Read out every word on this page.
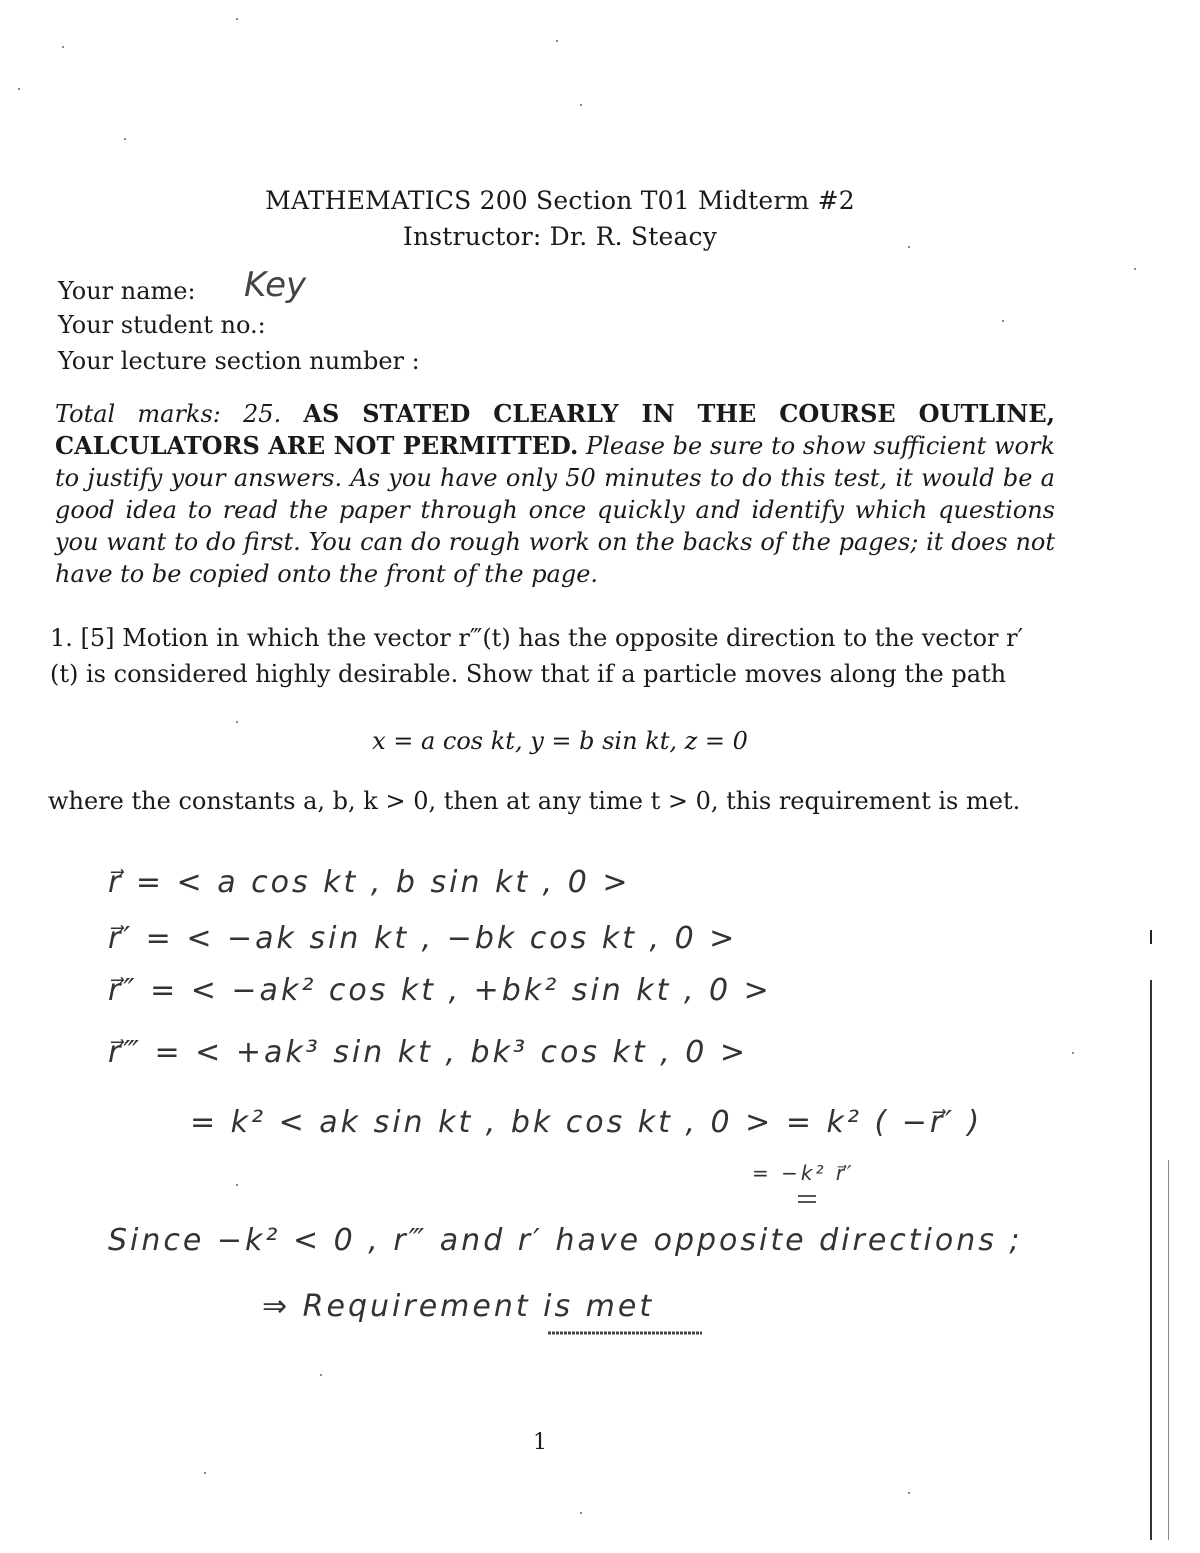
MATHEMATICS 200 Section T01 Midterm #2
Instructor: Dr. R. Steacy
Your name: Key
Your student no.:
Your lecture section number :
Total marks: 25. AS STATED CLEARLY IN THE COURSE OUTLINE, CALCULATORS ARE NOT PERMITTED. Please be sure to show sufficient work to justify your answers. As you have only 50 minutes to do this test, it would be a good idea to read the paper through once quickly and identify which questions you want to do first. You can do rough work on the backs of the pages; it does not have to be copied onto the front of the page.
1. [5] Motion in which the vector r‴(t) has the opposite direction to the vector r′(t) is considered highly desirable. Show that if a particle moves along the path
x = a cos kt, y = b sin kt, z = 0
where the constants a, b, k > 0, then at any time t > 0, this requirement is met.
r⃗ = < a cos kt , b sin kt , 0 >
r⃗′ = < −ak sin kt , −bk cos kt , 0 >
r⃗″ = < −ak² cos kt , +bk² sin kt , 0 >
r⃗‴ = < +ak³ sin kt , bk³ cos kt , 0 >
= k² < ak sin kt , bk cos kt , 0 > = k² ( −r⃗′ )
= −k² r⃗′
Since −k² < 0 , r‴ and r′ have opposite directions ;
⇒ Requirement is met
1
